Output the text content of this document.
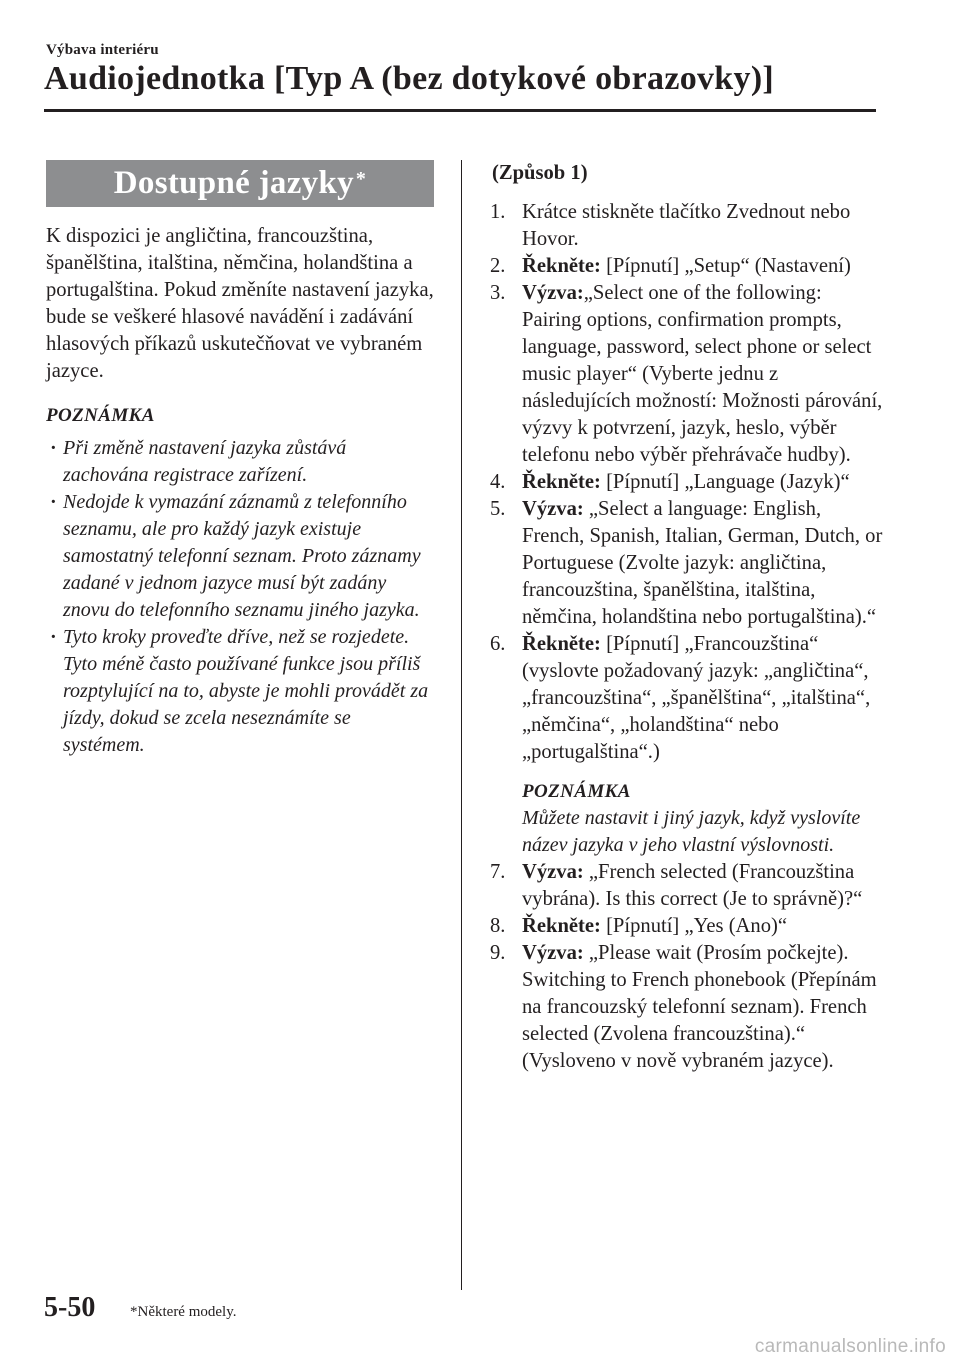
Výbava interiéru
Audiojednotka [Typ A (bez dotykové obrazovky)]
Dostupné jazyky*

K dispozici je angličtina, francouzština, španělština, italština, němčina, holandština a portugalština. Pokud změníte nastavení jazyka, bude se veškeré hlasové navádění i zadávání hlasových příkazů uskutečňovat ve vybraném jazyce.

POZNÁMKA
· Při změně nastavení jazyka zůstává zachována registrace zařízení.
· Nedojde k vymazání záznamů z telefonního seznamu, ale pro každý jazyk existuje samostatný telefonní seznam. Proto záznamy zadané v jednom jazyce musí být zadány znovu do telefonního seznamu jiného jazyka.
· Tyto kroky proveďte dříve, než se rozjedete. Tyto méně často používané funkce jsou příliš rozptylující na to, abyste je mohli provádět za jízdy, dokud se zcela neseznámíte se systémem.
(Způsob 1)
1. Krátce stiskněte tlačítko Zvednout nebo Hovor.
2. Řekněte: [Pípnutí] „Setup“ (Nastavení)
3. Výzva:„Select one of the following: Pairing options, confirmation prompts, language, password, select phone or select music player“ (Vyberte jednu z následujících možností: Možnosti párování, výzvy k potvrzení, jazyk, heslo, výběr telefonu nebo výběr přehrávače hudby).
4. Řekněte: [Pípnutí] „Language (Jazyk)“
5. Výzva: „Select a language: English, French, Spanish, Italian, German, Dutch, or Portuguese (Zvolte jazyk: angličtina, francouzština, španělština, italština, němčina, holandština nebo portugalština).“
6. Řekněte: [Pípnutí] „Francouzština“ (vyslovte požadovaný jazyk: „angličtina“, „francouzština“, „španělština“, „italština“, „němčina“, „holandština“ nebo „portugalština“.)
POZNÁMKA
Můžete nastavit i jiný jazyk, když vyslovíte název jazyka v jeho vlastní výslovnosti.
7. Výzva: „French selected (Francouzština vybrána). Is this correct (Je to správně)?“
8. Řekněte: [Pípnutí] „Yes (Ano)“
9. Výzva: „Please wait (Prosím počkejte). Switching to French phonebook (Přepínám na francouzský telefonní seznam). French selected (Zvolena francouzština).“ (Vysloveno v nově vybraném jazyce).
5-50 *Některé modely.
carmanualsonline.info
